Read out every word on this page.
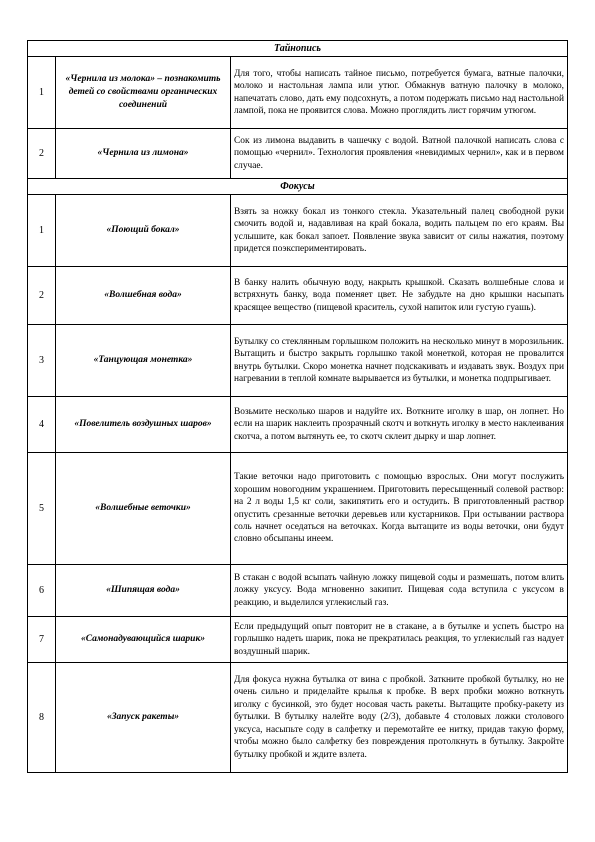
Тайнопись		
1	«Чернила из молока» – познакомить детей со свойствами органических соединений	Для того, чтобы написать тайное письмо, потребуется бумага, ватные палочки, молоко и настольная лампа или утюг. Обмакнув ватную палочку в молоко, напечатать слово, дать ему подсохнуть, а потом подержать письмо над настольной лампой, пока не проявится слова. Можно проглядить лист горячим утюгом.
2	«Чернила из лимона»	Сок из лимона выдавить в чашечку с водой. Ватной палочкой написать слова с помощью «чернил». Технология проявления «невидимых чернил», как и в первом случае.
Фокусы		
1	«Поющий бокал»	Взять за ножку бокал из тонкого стекла. Указательный палец свободной руки смочить водой и, надавливая на край бокала, водить пальцем по его краям. Вы услышите, как бокал запоет. Появление звука зависит от силы нажатия, поэтому придется поэкспериментировать.
2	«Волшебная вода»	В банку налить обычную воду, накрыть крышкой. Сказать волшебные слова и встряхнуть банку, вода поменяет цвет. Не забудьте на дно крышки насыпать красящее вещество (пищевой краситель, сухой напиток или густую гуашь).
3	«Танцующая монетка»	Бутылку со стеклянным горлышком положить на несколько минут в морозильник. Вытащить и быстро закрыть горлышко такой монеткой, которая не провалится внутрь бутылки. Скоро монетка начнет подскакивать и издавать звук. Воздух при нагревании в теплой комнате вырывается из бутылки, и монетка подпрыгивает.
4	«Повелитель воздушных шаров»	Возьмите несколько шаров и надуйте их. Воткните иголку в шар, он лопнет. Но если на шарик наклеить прозрачный скотч и воткнуть иголку в место наклеивания скотча, а потом вытянуть ее, то скотч склеит дырку и шар лопнет.
5	«Волшебные веточки»	Такие веточки надо приготовить с помощью взрослых. Они могут послужить хорошим новогодним украшением. Приготовить пересыщенный солевой раствор: на 2 л воды 1,5 кг соли, закипятить его и остудить. В приготовленный раствор опустить срезанные веточки деревьев или кустарников. При остывании раствора соль начнет оседаться на веточках. Когда вытащите из воды веточки, они будут словно обсыпаны инеем.
6	«Шипящая вода»	В стакан с водой всыпать чайную ложку пищевой соды и размешать, потом влить ложку уксусу. Вода мгновенно закипит. Пищевая сода вступила с уксусом в реакцию, и выделился углекислый газ.
7	«Самонадувающийся шарик»	Если предыдущий опыт повторит не в стакане, а в бутылке и успеть быстро на горлышко надеть шарик, пока не прекратилась реакция, то углекислый газ надует воздушный шарик.
8	«Запуск ракеты»	Для фокуса нужна бутылка от вина с пробкой. Заткните пробкой бутылку, но не очень сильно и приделайте крылья к пробке. В верх пробки можно воткнуть иголку с бусинкой, это будет носовая часть ракеты. Вытащите пробку-ракету из бутылки. В бутылку налейте воду (2/3), добавьте 4 столовых ложки столового уксуса, насыпьте соду в салфетку и перемотайте ее нитку, придав такую форму, чтобы можно было салфетку без повреждения протолкнуть в бутылку. Закройте бутылку пробкой и ждите взлета.
